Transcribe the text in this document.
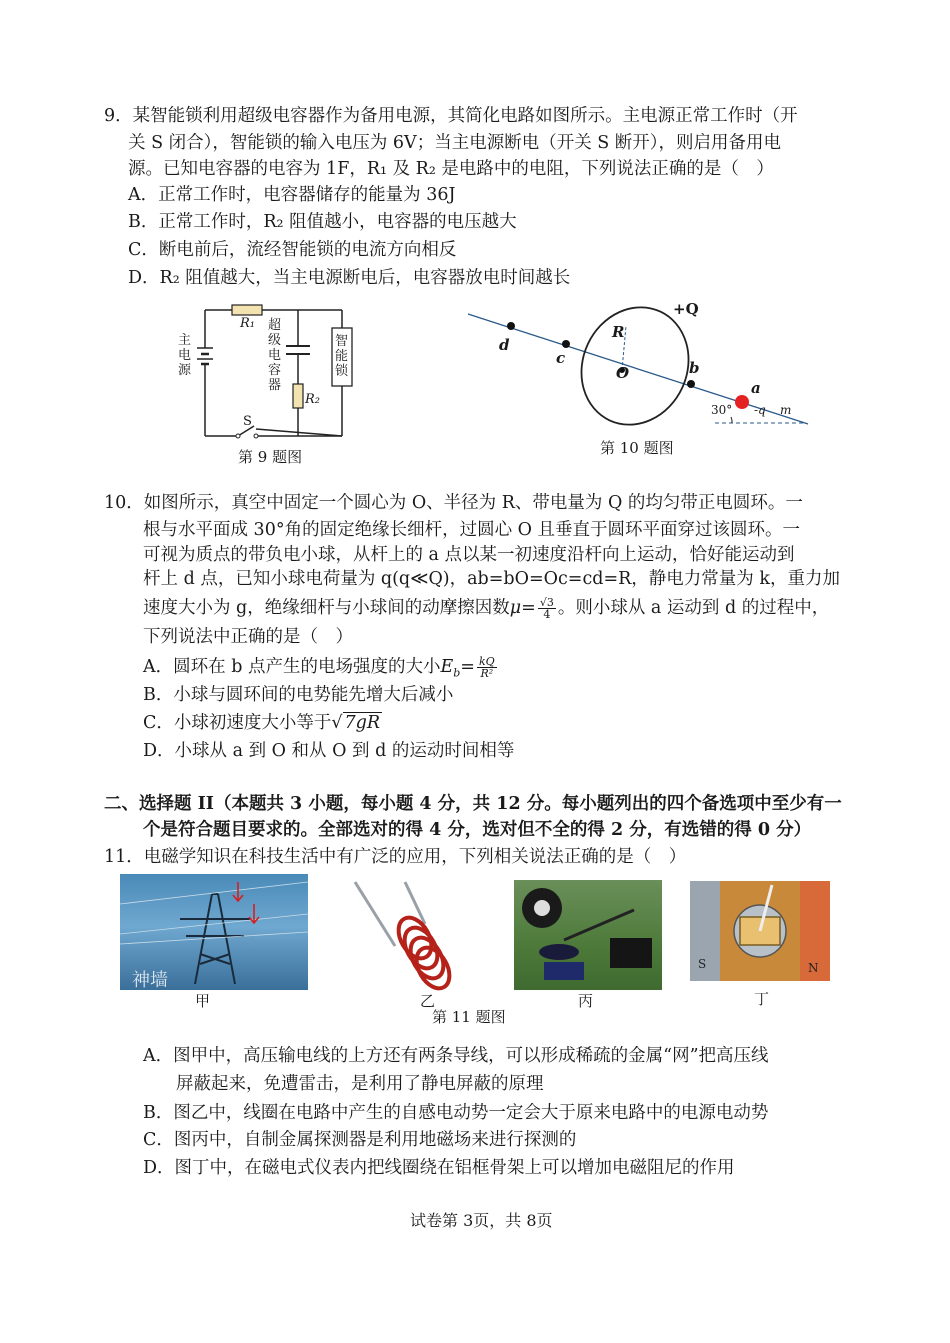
9．某智能锁利用超级电容器作为备用电源，其简化电路如图所示。主电源正常工作时（开
关 S 闭合），智能锁的输入电压为 6V；当主电源断电（开关 S 断开），则启用备用电
源。已知电容器的电容为 1F，R₁ 及 R₂ 是电路中的电阻，下列说法正确的是（　）
A．正常工作时，电容器储存的能量为 36J
B．正常工作时，R₂ 阻值越小，电容器的电压越大
C．断电前后，流经智能锁的电流方向相反
D．R₂ 阻值越大，当主电源断电后，电容器放电时间越长
主电源
超级电容器
智能锁
R₁
R₂
S
第 9 题图
+Q
R
O
d
c
b
a
30° -q m
第 10 题图
10．如图所示，真空中固定一个圆心为 O、半径为 R、带电量为 Q 的均匀带正电圆环。一
根与水平面成 30°角的固定绝缘长细杆，过圆心 O 且垂直于圆环平面穿过该圆环。一
可视为质点的带负电小球，从杆上的 a 点以某一初速度沿杆向上运动，恰好能运动到
杆上 d 点，已知小球电荷量为 q(q≪Q)，ab=bO=Oc=cd=R，静电力常量为 k，重力加
速度大小为 g，绝缘细杆与小球间的动摩擦因数$\mu= \frac{√3}{4}$ 。则小球从 a 运动到 d 的过程中，
下列说法中正确的是（　）
A．圆环在 b 点产生的电场强度的大小$E_b= \frac{kQ}{\text{R²}}$
B．小球与圆环间的电势能先增大后减小
C．小球初速度大小等于√ 7gR
D．小球从 a 到 O 和从 O 到 d 的运动时间相等
二、选择题 II（本题共 3 小题，每小题 4 分，共 12 分。每小题列出的四个备选项中至少有一
个是符合题目要求的。全部选对的得 4 分，选对但不全的得 2 分，有选错的得 0 分）
11．电磁学知识在科技生活中有广泛的应用，下列相关说法正确的是（　）
神墙
S	N
甲	乙	丙	丁
第 11 题图
A．图甲中，高压输电线的上方还有两条导线，可以形成稀疏的金属“网”把高压线
屏蔽起来，免遭雷击，是利用了静电屏蔽的原理
B．图乙中，线圈在电路中产生的自感电动势一定会大于原来电路中的电源电动势
C．图丙中，自制金属探测器是利用地磁场来进行探测的
D．图丁中，在磁电式仪表内把线圈绕在铝框骨架上可以增加电磁阻尼的作用
试卷第 3页，共 8页
